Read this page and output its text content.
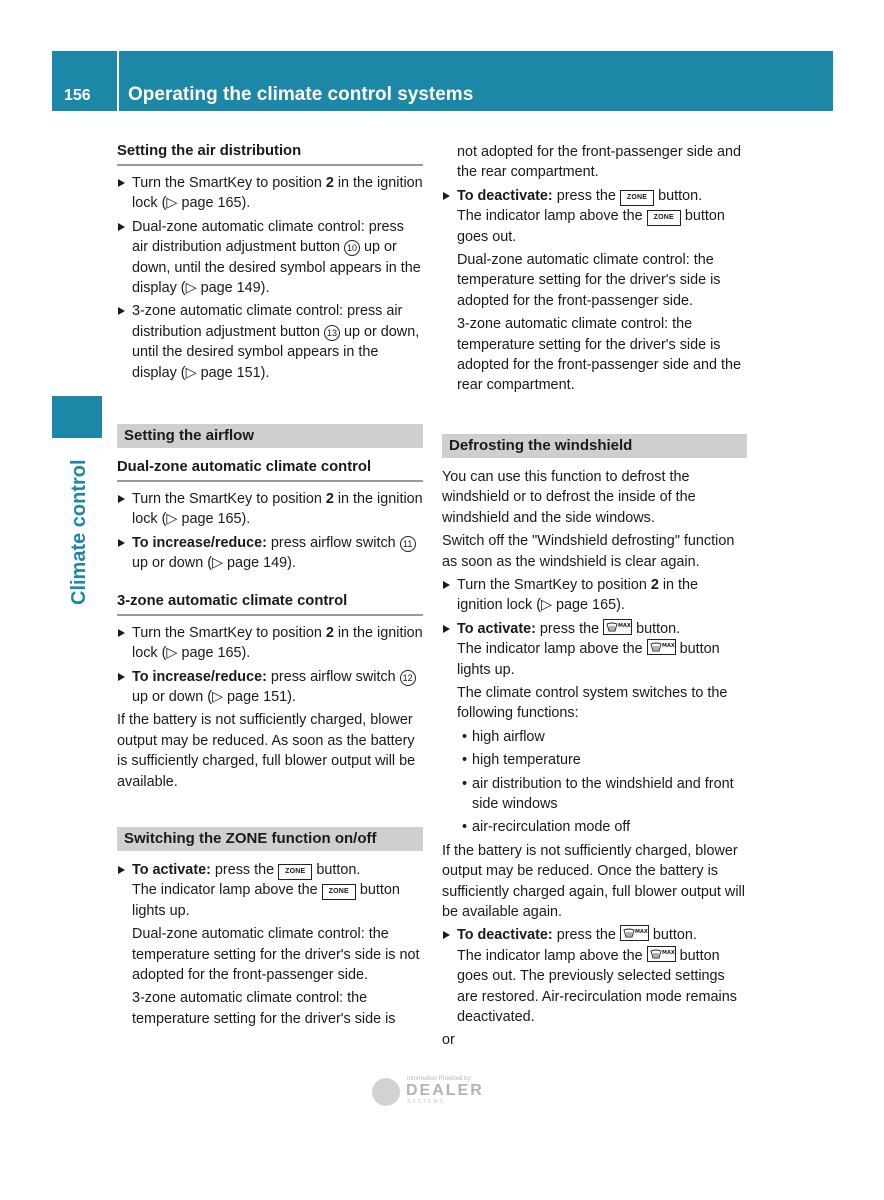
156 Operating the climate control systems
Climate control
Setting the air distribution
Turn the SmartKey to position 2 in the ignition lock (▷ page 165).
Dual-zone automatic climate control: press air distribution adjustment button 10 up or down, until the desired symbol appears in the display (▷ page 149).
3-zone automatic climate control: press air distribution adjustment button 13 up or down, until the desired symbol appears in the display (▷ page 151).
Setting the airflow
Dual-zone automatic climate control
Turn the SmartKey to position 2 in the ignition lock (▷ page 165).
To increase/reduce: press airflow switch 11 up or down (▷ page 149).
3-zone automatic climate control
Turn the SmartKey to position 2 in the ignition lock (▷ page 165).
To increase/reduce: press airflow switch 12 up or down (▷ page 151).
If the battery is not sufficiently charged, blower output may be reduced. As soon as the battery is sufficiently charged, full blower output will be available.
Switching the ZONE function on/off
To activate: press the ZONE button.
The indicator lamp above the ZONE button lights up.
Dual-zone automatic climate control: the temperature setting for the driver's side is not adopted for the front-passenger side.
3-zone automatic climate control: the temperature setting for the driver's side is
not adopted for the front-passenger side and the rear compartment.
To deactivate: press the ZONE button.
The indicator lamp above the ZONE button goes out.
Dual-zone automatic climate control: the temperature setting for the driver's side is adopted for the front-passenger side.
3-zone automatic climate control: the temperature setting for the driver's side is adopted for the front-passenger side and the rear compartment.
Defrosting the windshield
You can use this function to defrost the windshield or to defrost the inside of the windshield and the side windows.
Switch off the "Windshield defrosting" function as soon as the windshield is clear again.
Turn the SmartKey to position 2 in the ignition lock (▷ page 165).
To activate: press the	MAX button.
The indicator lamp above the	MAX button lights up.
The climate control system switches to the following functions:
• high airflow
• high temperature
• air distribution to the windshield and front side windows
• air-recirculation mode off
If the battery is not sufficiently charged, blower output may be reduced. Once the battery is sufficiently charged again, full blower output will be available again.
To deactivate: press the	MAX button.
The indicator lamp above the	MAX button goes out. The previously selected settings are restored. Air-recirculation mode remains deactivated.
or
Information Provided by:
DEALER
SYSTEMS
